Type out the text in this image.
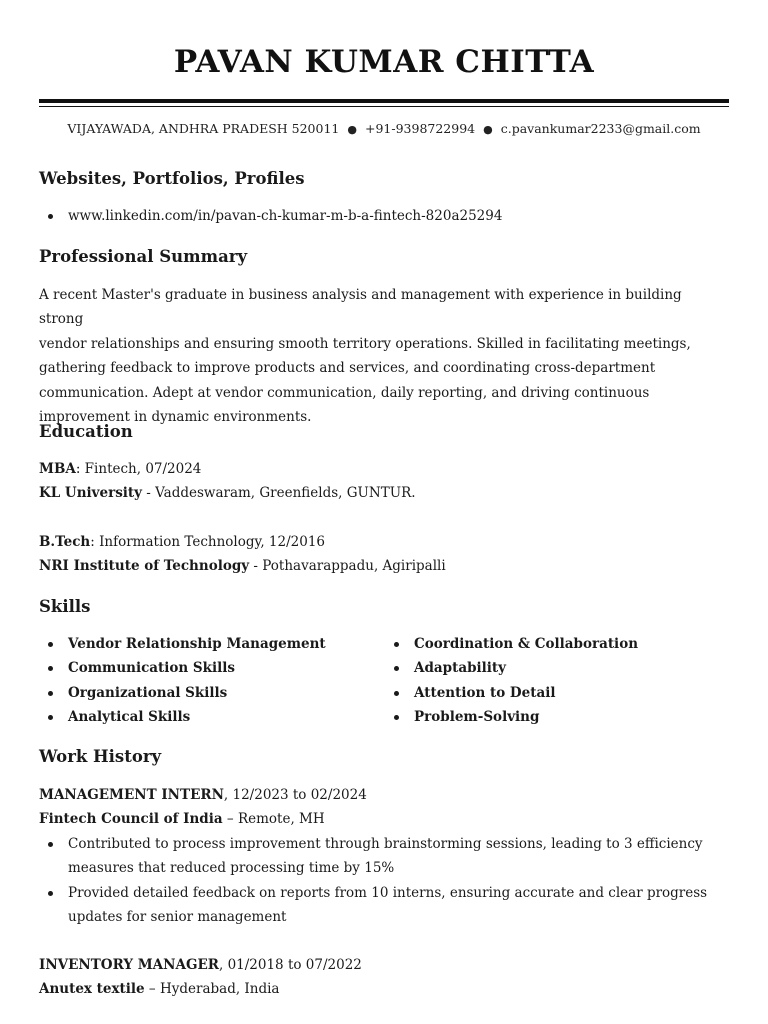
PAVAN KUMAR CHITTA
VIJAYAWADA, ANDHRA PRADESH 520011 ● +91-9398722994 ● c.pavankumar2233@gmail.com
Websites, Portfolios, Profiles
www.linkedin.com/in/pavan-ch-kumar-m-b-a-fintech-820a25294
Professional Summary
A recent Master's graduate in business analysis and management with experience in building strong
vendor relationships and ensuring smooth territory operations. Skilled in facilitating meetings,
gathering feedback to improve products and services, and coordinating cross-department
communication. Adept at vendor communication, daily reporting, and driving continuous
improvement in dynamic environments.
Education
MBA: Fintech, 07/2024
KL University - Vaddeswaram, Greenfields, GUNTUR.
B.Tech: Information Technology, 12/2016
NRI Institute of Technology - Pothavarappadu, Agiripalli
Skills
Vendor Relationship Management
Communication Skills
Organizational Skills
Analytical Skills
Coordination & Collaboration
Adaptability
Attention to Detail
Problem-Solving
Work History
MANAGEMENT INTERN, 12/2023 to 02/2024
Fintech Council of India – Remote, MH
Contributed to process improvement through brainstorming sessions, leading to 3 efficiency
measures that reduced processing time by 15%
Provided detailed feedback on reports from 10 interns, ensuring accurate and clear progress
updates for senior management
INVENTORY MANAGER, 01/2018 to 07/2022
Anutex textile – Hyderabad, India
